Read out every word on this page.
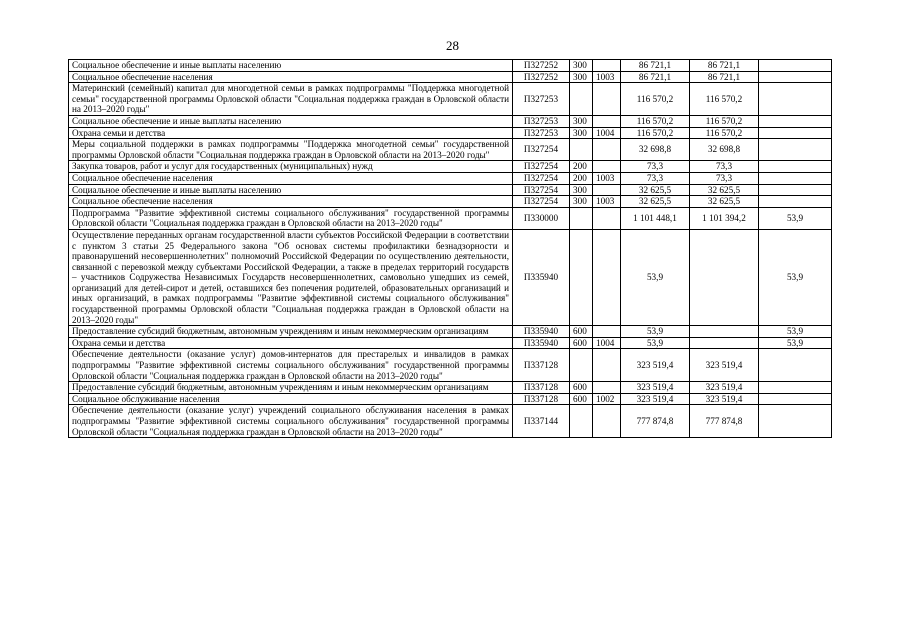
28
Социальное обеспечение и иные выплаты населению	П327252	300		86 721,1	86 721,1	
Социальное обеспечение населения	П327252	300	1003	86 721,1	86 721,1	
Материнский (семейный) капитал для многодетной семьи в рамках подпрограммы "Поддержка многодетной семьи" государственной программы Орловской области "Социальная поддержка граждан в Орловской области на 2013–2020 годы"	П327253			116 570,2	116 570,2	
Социальное обеспечение и иные выплаты населению	П327253	300		116 570,2	116 570,2	
Охрана семьи и детства	П327253	300	1004	116 570,2	116 570,2	
Меры социальной поддержки в рамках подпрограммы "Поддержка многодетной семьи" государственной программы Орловской области "Социальная поддержка граждан в Орловской области на 2013–2020 годы"	П327254			32 698,8	32 698,8	
Закупка товаров, работ и услуг для государственных (муниципальных) нужд	П327254	200		73,3	73,3	
Социальное обеспечение населения	П327254	200	1003	73,3	73,3	
Социальное обеспечение и иные выплаты населению	П327254	300		32 625,5	32 625,5	
Социальное обеспечение населения	П327254	300	1003	32 625,5	32 625,5	
Подпрограмма "Развитие эффективной системы социального обслуживания" государственной программы Орловской области "Социальная поддержка граждан в Орловской области на 2013–2020 годы"	П330000			1 101 448,1	1 101 394,2	53,9
Осуществление переданных органам государственной власти субъектов Российской Федерации в соответствии с пунктом 3 статьи 25 Федерального закона "Об основах системы профилактики безнадзорности и правонарушений несовершеннолетних" полномочий Российской Федерации по осуществлению деятельности, связанной с перевозкой между субъектами Российской Федерации, а также в пределах территорий государств – участников Содружества Независимых Государств несовершеннолетних, самовольно ушедших из семей, организаций для детей-сирот и детей, оставшихся без попечения родителей, образовательных организаций и иных организаций, в рамках подпрограммы "Развитие эффективной системы социального обслуживания" государственной программы Орловской области "Социальная поддержка граждан в Орловской области на 2013–2020 годы"	П335940			53,9		53,9
Предоставление субсидий бюджетным, автономным учреждениям и иным некоммерческим организациям	П335940	600		53,9		53,9
Охрана семьи и детства	П335940	600	1004	53,9		53,9
Обеспечение деятельности (оказание услуг) домов-интернатов для престарелых и инвалидов в рамках подпрограммы "Развитие эффективной системы социального обслуживания" государственной программы Орловской области "Социальная поддержка граждан в Орловской области на 2013–2020 годы"	П337128			323 519,4	323 519,4	
Предоставление субсидий бюджетным, автономным учреждениям и иным некоммерческим организациям	П337128	600		323 519,4	323 519,4	
Социальное обслуживание населения	П337128	600	1002	323 519,4	323 519,4	
Обеспечение деятельности (оказание услуг) учреждений социального обслуживания населения в рамках подпрограммы "Развитие эффективной системы социального обслуживания" государственной программы Орловской области "Социальная поддержка граждан в Орловской области на 2013–2020 годы"	П337144			777 874,8	777 874,8	
